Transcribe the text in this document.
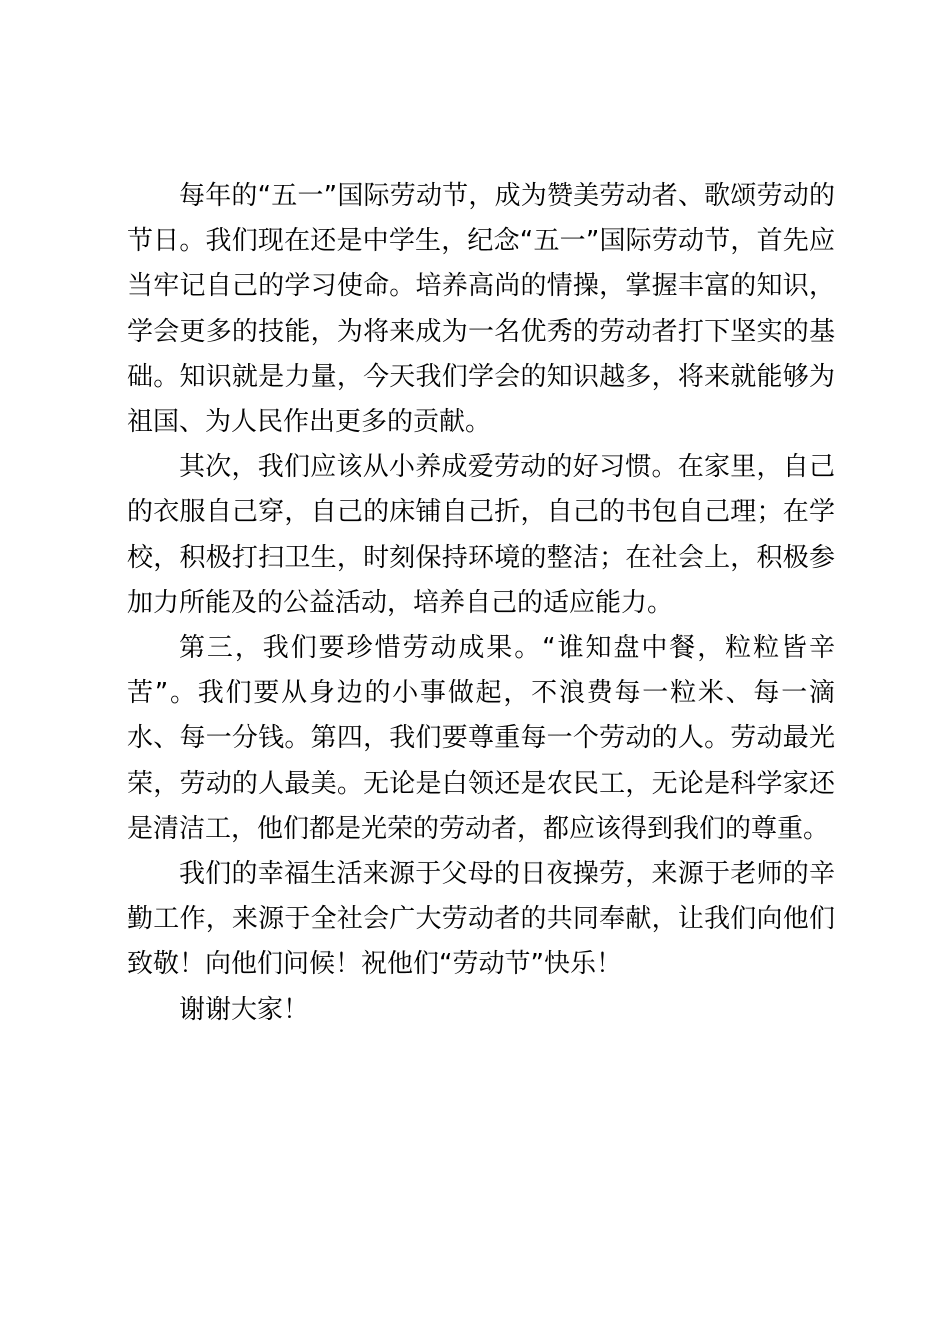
每年的“五一”国际劳动节，成为赞美劳动者、歌颂劳动的节日。我们现在还是中学生，纪念“五一”国际劳动节，首先应当牢记自己的学习使命。培养高尚的情操，掌握丰富的知识，学会更多的技能，为将来成为一名优秀的劳动者打下坚实的基础。知识就是力量，今天我们学会的知识越多，将来就能够为祖国、为人民作出更多的贡献。

其次，我们应该从小养成爱劳动的好习惯。在家里，自己的衣服自己穿，自己的床铺自己折，自己的书包自己理；在学校，积极打扫卫生，时刻保持环境的整洁；在社会上，积极参加力所能及的公益活动，培养自己的适应能力。

第三，我们要珍惜劳动成果。“谁知盘中餐，粒粒皆辛苦”。我们要从身边的小事做起，不浪费每一粒米、每一滴水、每一分钱。第四，我们要尊重每一个劳动的人。劳动最光荣，劳动的人最美。无论是白领还是农民工，无论是科学家还是清洁工，他们都是光荣的劳动者，都应该得到我们的尊重。

我们的幸福生活来源于父母的日夜操劳，来源于老师的辛勤工作，来源于全社会广大劳动者的共同奉献，让我们向他们致敬！向他们问候！祝他们“劳动节”快乐！

谢谢大家！
